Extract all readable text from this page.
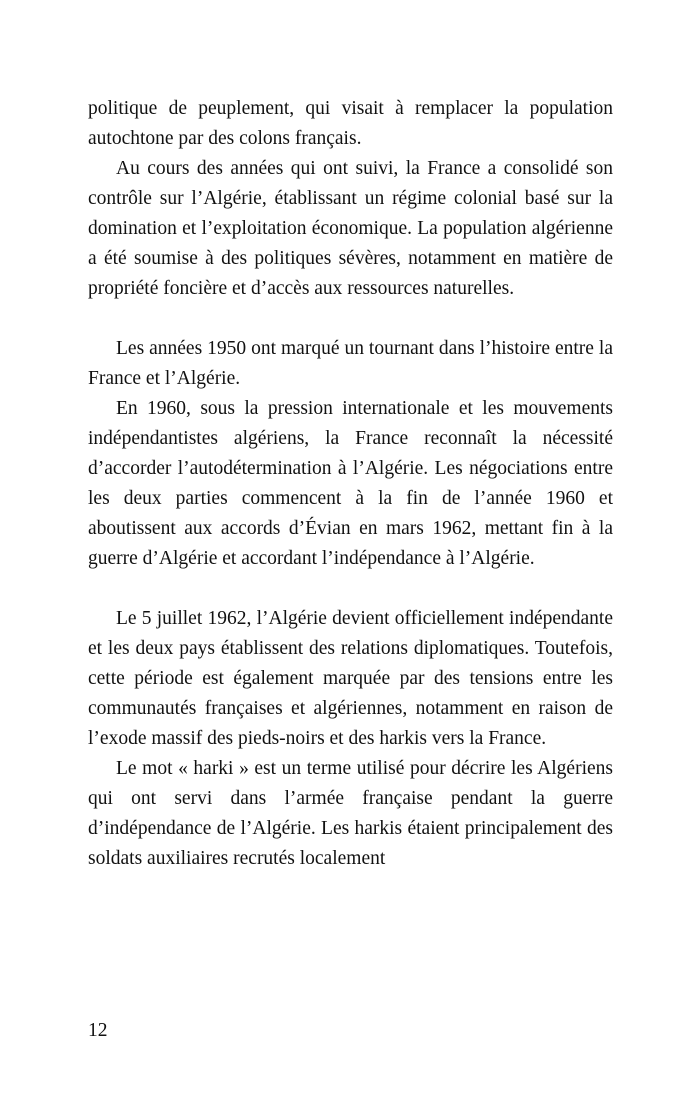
politique de peuplement, qui visait à remplacer la population autochtone par des colons français.

Au cours des années qui ont suivi, la France a consolidé son contrôle sur l’Algérie, établissant un régime colonial basé sur la domination et l’exploitation économique. La population algérienne a été soumise à des politiques sévères, notamment en matière de propriété foncière et d’accès aux ressources naturelles.

Les années 1950 ont marqué un tournant dans l’histoire entre la France et l’Algérie.

En 1960, sous la pression internationale et les mouvements indépendantistes algériens, la France reconnaît la nécessité d’accorder l’autodétermination à l’Algérie. Les négociations entre les deux parties commencent à la fin de l’année 1960 et aboutissent aux accords d’Évian en mars 1962, mettant fin à la guerre d’Algérie et accordant l’indépendance à l’Algérie.

Le 5 juillet 1962, l’Algérie devient officiellement indépendante et les deux pays établissent des relations diplomatiques. Toutefois, cette période est également marquée par des tensions entre les communautés françaises et algériennes, notamment en raison de l’exode massif des pieds-noirs et des harkis vers la France.

Le mot « harki » est un terme utilisé pour décrire les Algériens qui ont servi dans l’armée française pendant la guerre d’indépendance de l’Algérie. Les harkis étaient principalement des soldats auxiliaires recrutés localement

12
